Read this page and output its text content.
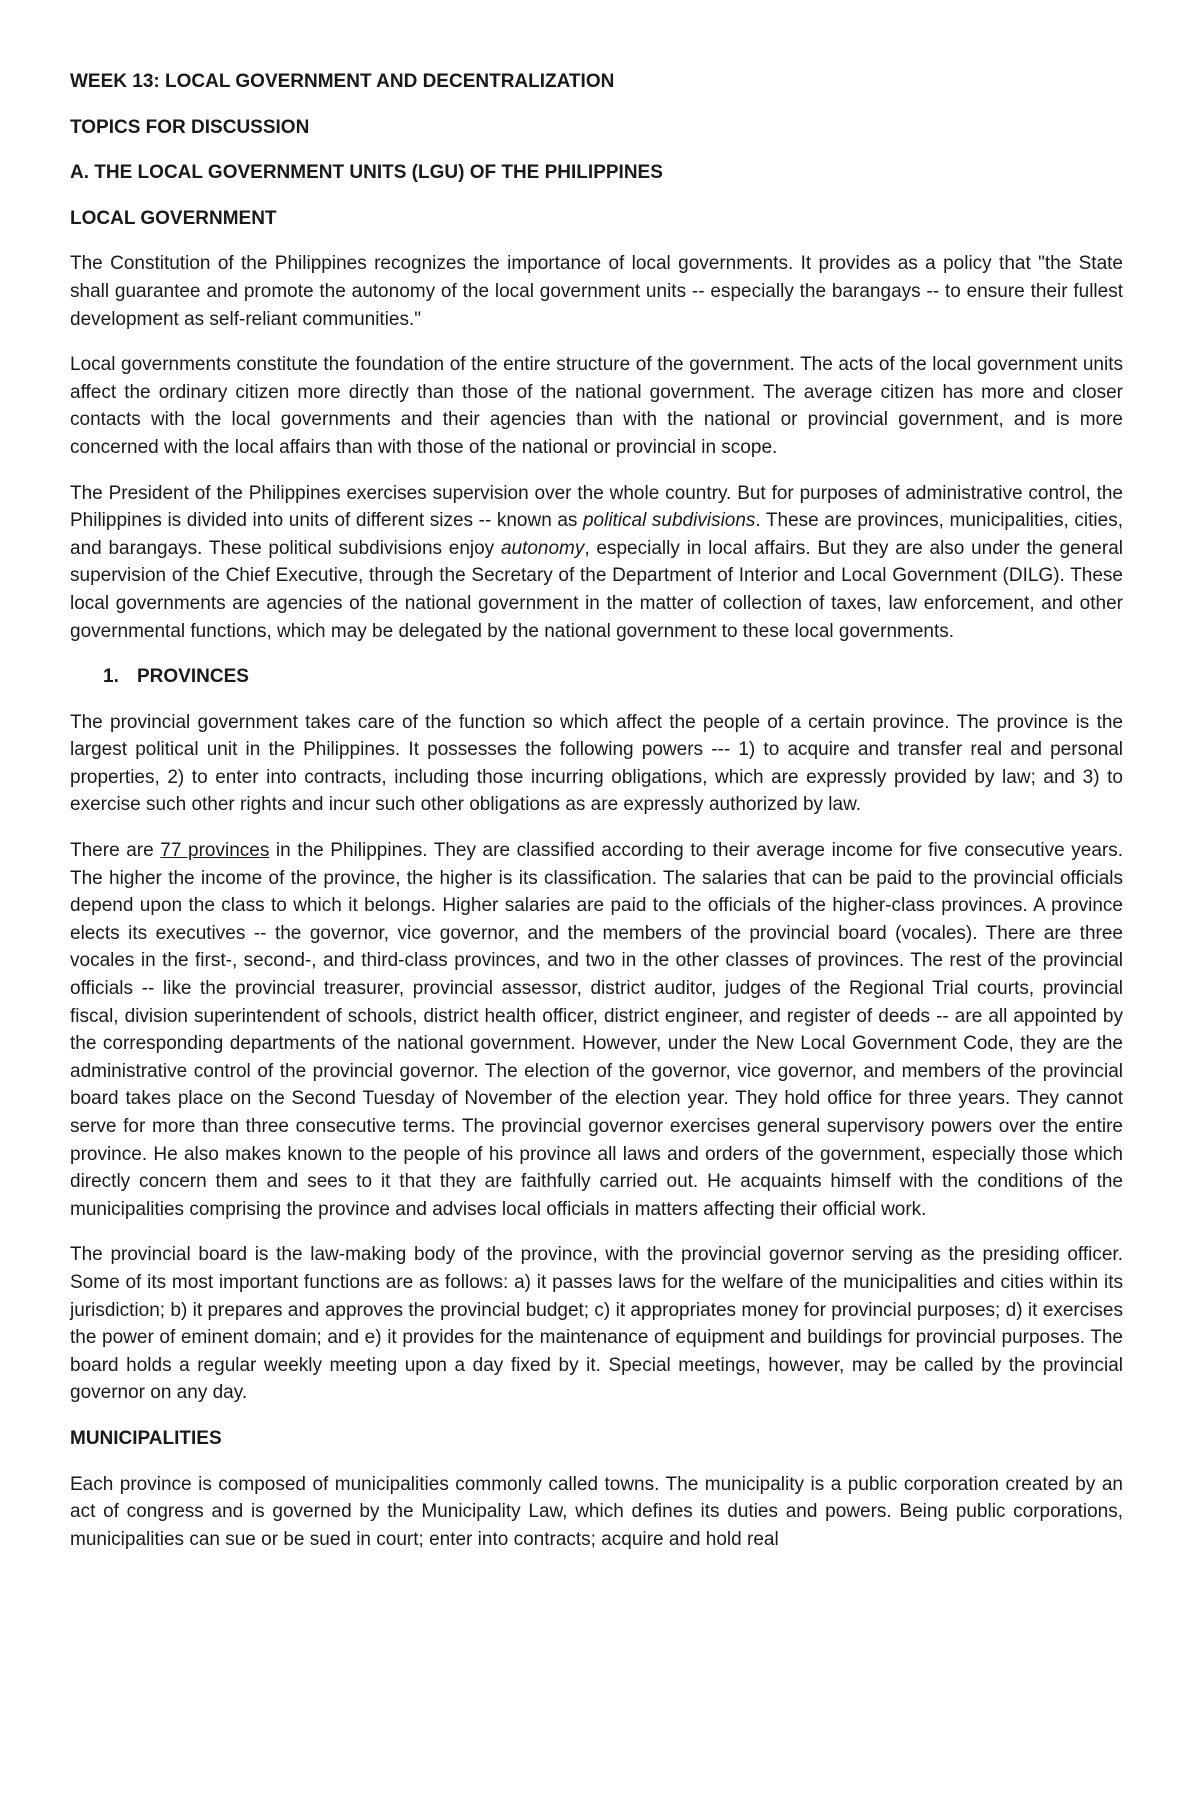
WEEK 13: LOCAL GOVERNMENT AND DECENTRALIZATION
TOPICS FOR DISCUSSION
A. THE LOCAL GOVERNMENT UNITS (LGU) OF THE PHILIPPINES
LOCAL GOVERNMENT

The Constitution of the Philippines recognizes the importance of local governments. It provides as a policy that "the State shall guarantee and promote the autonomy of the local government units -- especially the barangays -- to ensure their fullest development as self-reliant communities."

Local governments constitute the foundation of the entire structure of the government. The acts of the local government units affect the ordinary citizen more directly than those of the national government. The average citizen has more and closer contacts with the local governments and their agencies than with the national or provincial government, and is more concerned with the local affairs than with those of the national or provincial in scope.

The President of the Philippines exercises supervision over the whole country. But for purposes of administrative control, the Philippines is divided into units of different sizes -- known as political subdivisions. These are provinces, municipalities, cities, and barangays. These political subdivisions enjoy autonomy, especially in local affairs. But they are also under the general supervision of the Chief Executive, through the Secretary of the Department of Interior and Local Government (DILG). These local governments are agencies of the national government in the matter of collection of taxes, law enforcement, and other governmental functions, which may be delegated by the national government to these local governments.

1. PROVINCES

The provincial government takes care of the function so which affect the people of a certain province. The province is the largest political unit in the Philippines. It possesses the following powers --- 1) to acquire and transfer real and personal properties, 2) to enter into contracts, including those incurring obligations, which are expressly provided by law; and 3) to exercise such other rights and incur such other obligations as are expressly authorized by law.

There are 77 provinces in the Philippines. They are classified according to their average income for five consecutive years. The higher the income of the province, the higher is its classification. The salaries that can be paid to the provincial officials depend upon the class to which it belongs. Higher salaries are paid to the officials of the higher-class provinces. A province elects its executives -- the governor, vice governor, and the members of the provincial board (vocales). There are three vocales in the first-, second-, and third-class provinces, and two in the other classes of provinces. The rest of the provincial officials -- like the provincial treasurer, provincial assessor, district auditor, judges of the Regional Trial courts, provincial fiscal, division superintendent of schools, district health officer, district engineer, and register of deeds -- are all appointed by the corresponding departments of the national government. However, under the New Local Government Code, they are the administrative control of the provincial governor. The election of the governor, vice governor, and members of the provincial board takes place on the Second Tuesday of November of the election year. They hold office for three years. They cannot serve for more than three consecutive terms. The provincial governor exercises general supervisory powers over the entire province. He also makes known to the people of his province all laws and orders of the government, especially those which directly concern them and sees to it that they are faithfully carried out. He acquaints himself with the conditions of the municipalities comprising the province and advises local officials in matters affecting their official work.

The provincial board is the law-making body of the province, with the provincial governor serving as the presiding officer. Some of its most important functions are as follows: a) it passes laws for the welfare of the municipalities and cities within its jurisdiction; b) it prepares and approves the provincial budget; c) it appropriates money for provincial purposes; d) it exercises the power of eminent domain; and e) it provides for the maintenance of equipment and buildings for provincial purposes. The board holds a regular weekly meeting upon a day fixed by it. Special meetings, however, may be called by the provincial governor on any day.

MUNICIPALITIES

Each province is composed of municipalities commonly called towns. The municipality is a public corporation created by an act of congress and is governed by the Municipality Law, which defines its duties and powers. Being public corporations, municipalities can sue or be sued in court; enter into contracts; acquire and hold real
